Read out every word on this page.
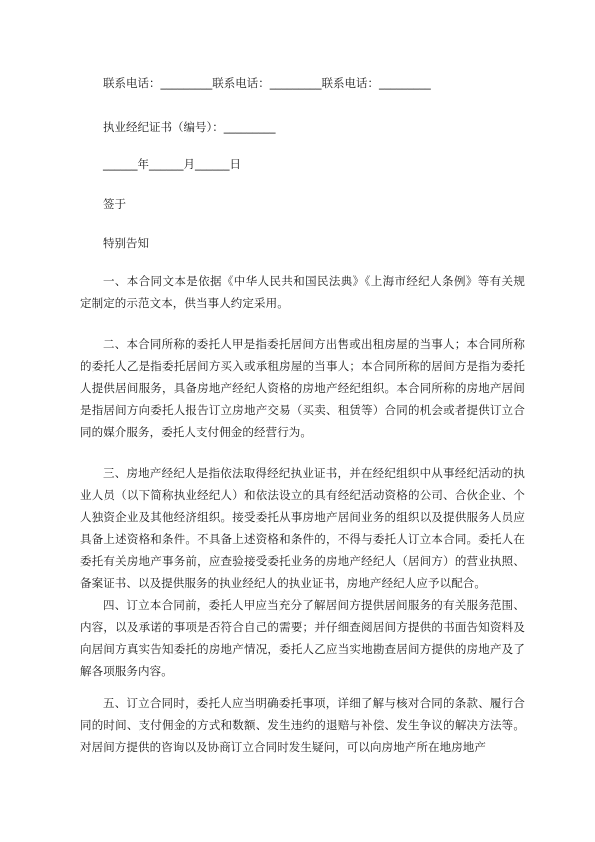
联系电话：_________联系电话：_________联系电话：_________
执业经纪证书（编号）：_________
______年______月______日
签于
特别告知
一、本合同文本是依据《中华人民共和国民法典》《上海市经纪人条例》等有关规定制定的示范文本，供当事人约定采用。
二、本合同所称的委托人甲是指委托居间方出售或出租房屋的当事人；本合同所称的委托人乙是指委托居间方买入或承租房屋的当事人；本合同所称的居间方是指为委托人提供居间服务，具备房地产经纪人资格的房地产经纪组织。本合同所称的房地产居间是指居间方向委托人报告订立房地产交易（买卖、租赁等）合同的机会或者提供订立合同的媒介服务，委托人支付佣金的经营行为。
三、房地产经纪人是指依法取得经纪执业证书，并在经纪组织中从事经纪活动的执业人员（以下简称执业经纪人）和依法设立的具有经纪活动资格的公司、合伙企业、个人独资企业及其他经济组织。接受委托从事房地产居间业务的组织以及提供服务人员应具备上述资格和条件。不具备上述资格和条件的，不得与委托人订立本合同。委托人在委托有关房地产事务前，应查验接受委托业务的房地产经纪人（居间方）的营业执照、备案证书、以及提供服务的执业经纪人的执业证书，房地产经纪人应予以配合。
四、订立本合同前，委托人甲应当充分了解居间方提供居间服务的有关服务范围、内容，以及承诺的事项是否符合自己的需要；并仔细查阅居间方提供的书面告知资料及向居间方真实告知委托的房地产情况，委托人乙应当实地勘查居间方提供的房地产及了解各项服务内容。
五、订立合同时，委托人应当明确委托事项，详细了解与核对合同的条款、履行合同的时间、支付佣金的方式和数额、发生违约的退赔与补偿、发生争议的解决方法等。对居间方提供的咨询以及协商订立合同时发生疑问，可以向房地产所在地房地产
